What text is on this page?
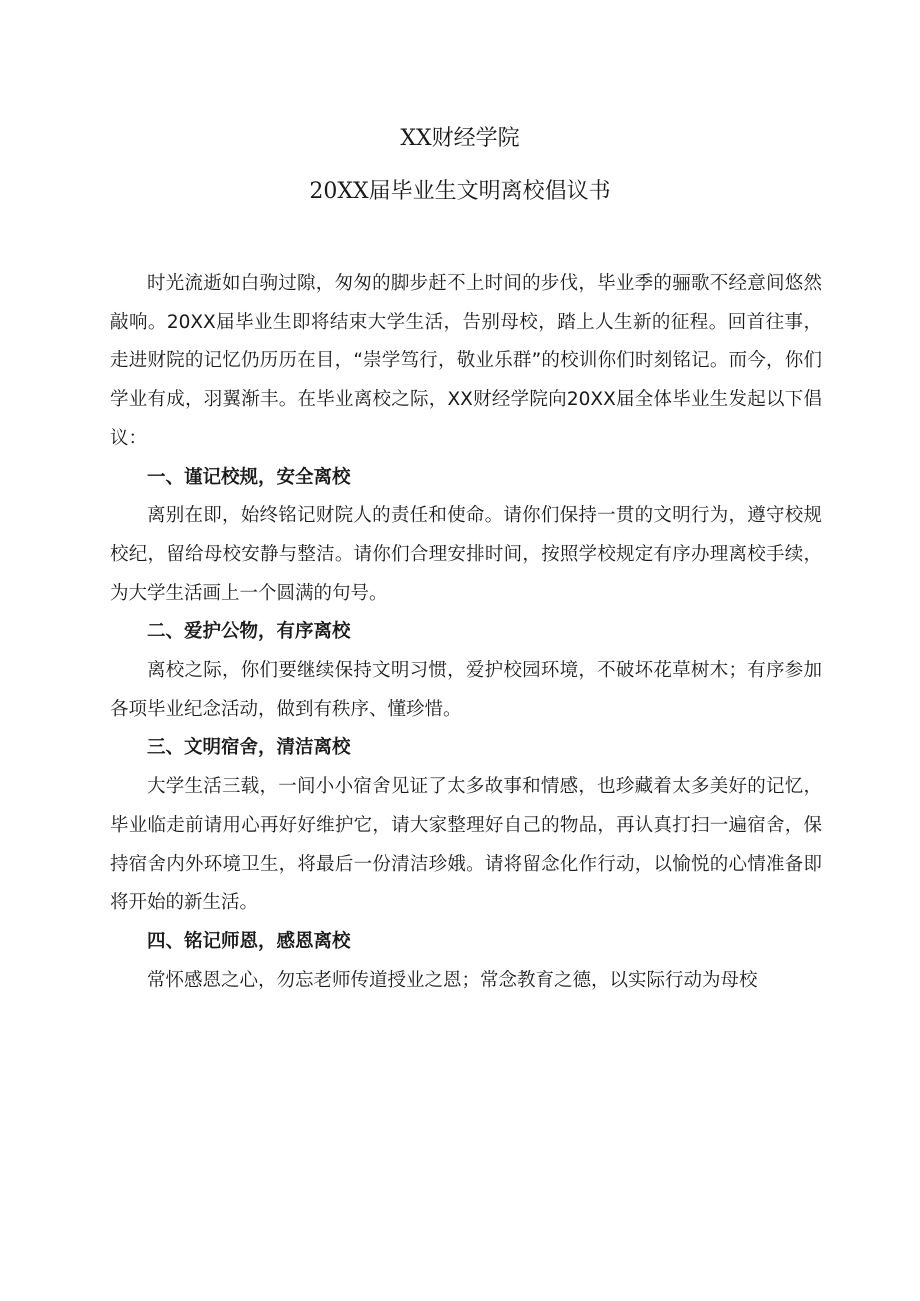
XX财经学院
20XX届毕业生文明离校倡议书

时光流逝如白驹过隙，匆匆的脚步赶不上时间的步伐，毕业季的骊歌不经意间悠然敲响。20XX届毕业生即将结束大学生活，告别母校，踏上人生新的征程。回首往事，走进财院的记忆仍历历在目，“崇学笃行，敬业乐群”的校训你们时刻铭记。而今，你们学业有成，羽翼渐丰。在毕业离校之际，XX财经学院向20XX届全体毕业生发起以下倡议：

一、谨记校规，安全离校

离别在即，始终铭记财院人的责任和使命。请你们保持一贯的文明行为，遵守校规校纪，留给母校安静与整洁。请你们合理安排时间，按照学校规定有序办理离校手续，为大学生活画上一个圆满的句号。

二、爱护公物，有序离校

离校之际，你们要继续保持文明习惯，爱护校园环境，不破坏花草树木；有序参加各项毕业纪念活动，做到有秩序、懂珍惜。

三、文明宿舍，清洁离校

大学生活三载，一间小小宿舍见证了太多故事和情感，也珍藏着太多美好的记忆，毕业临走前请用心再好好维护它，请大家整理好自己的物品，再认真打扫一遍宿舍，保持宿舍内外环境卫生，将最后一份清洁珍娥。请将留念化作行动，以愉悦的心情准备即将开始的新生活。

四、铭记师恩，感恩离校

常怀感恩之心，勿忘老师传道授业之恩；常念教育之德，以实际行动为母校
